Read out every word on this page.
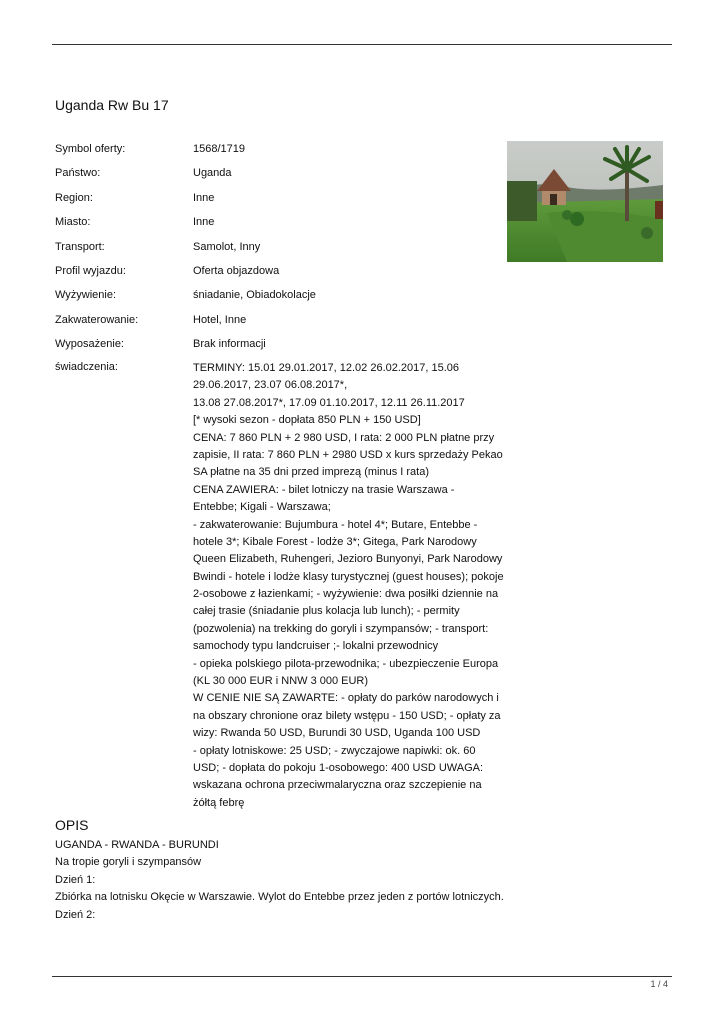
Uganda Rw Bu 17
Symbol oferty:	1568/1719
Państwo:	Uganda
Region:	Inne
Miasto:	Inne
Transport:	Samolot, Inny
Profil wyjazdu:	Oferta objazdowa
Wyżywienie:	śniadanie, Obiadokolacje
Zakwaterowanie:	Hotel, Inne
Wyposażenie:	Brak informacji
świadczenia:	TERMINY: 15.01 29.01.2017, 12.02 26.02.2017, 15.06
29.06.2017, 23.07 06.08.2017*,
13.08 27.08.2017*, 17.09 01.10.2017, 12.11 26.11.2017
[* wysoki sezon - dopłata 850 PLN + 150 USD]
CENA: 7 860 PLN + 2 980 USD, I rata: 2 000 PLN płatne przy
zapisie, II rata: 7 860 PLN + 2980 USD x kurs sprzedaży Pekao
SA płatne na 35 dni przed imprezą (minus I rata)
CENA ZAWIERA: - bilet lotniczy na trasie Warszawa -
Entebbe; Kigali - Warszawa;
- zakwaterowanie: Bujumbura - hotel 4*; Butare, Entebbe -
hotele 3*; Kibale Forest - lodże 3*; Gitega, Park Narodowy
Queen Elizabeth, Ruhengeri, Jezioro Bunyonyi, Park Narodowy
Bwindi - hotele i lodże klasy turystycznej (guest houses); pokoje
2-osobowe z łazienkami; - wyżywienie: dwa posiłki dziennie na
całej trasie (śniadanie plus kolacja lub lunch); - permity
(pozwolenia) na trekking do goryli i szympansów; - transport:
samochody typu landcruiser ;- lokalni przewodnicy
- opieka polskiego pilota-przewodnika; - ubezpieczenie Europa
(KL 30 000 EUR i NNW 3 000 EUR)
W CENIE NIE SĄ ZAWARTE: - opłaty do parków narodowych i
na obszary chronione oraz bilety wstępu - 150 USD; - opłaty za
wizy: Rwanda 50 USD, Burundi 30 USD, Uganda 100 USD
- opłaty lotniskowe: 25 USD; - zwyczajowe napiwki: ok. 60
USD; - dopłata do pokoju 1-osobowego: 400 USD UWAGA:
wskazana ochrona przeciwmalaryczna oraz szczepienie na
żółtą febrę
OPIS
UGANDA - RWANDA - BURUNDI
Na tropie goryli i szympansów
Dzień 1:
Zbiórka na lotnisku Okęcie w Warszawie. Wylot do Entebbe przez jeden z portów lotniczych.
Dzień 2:
1 / 4
